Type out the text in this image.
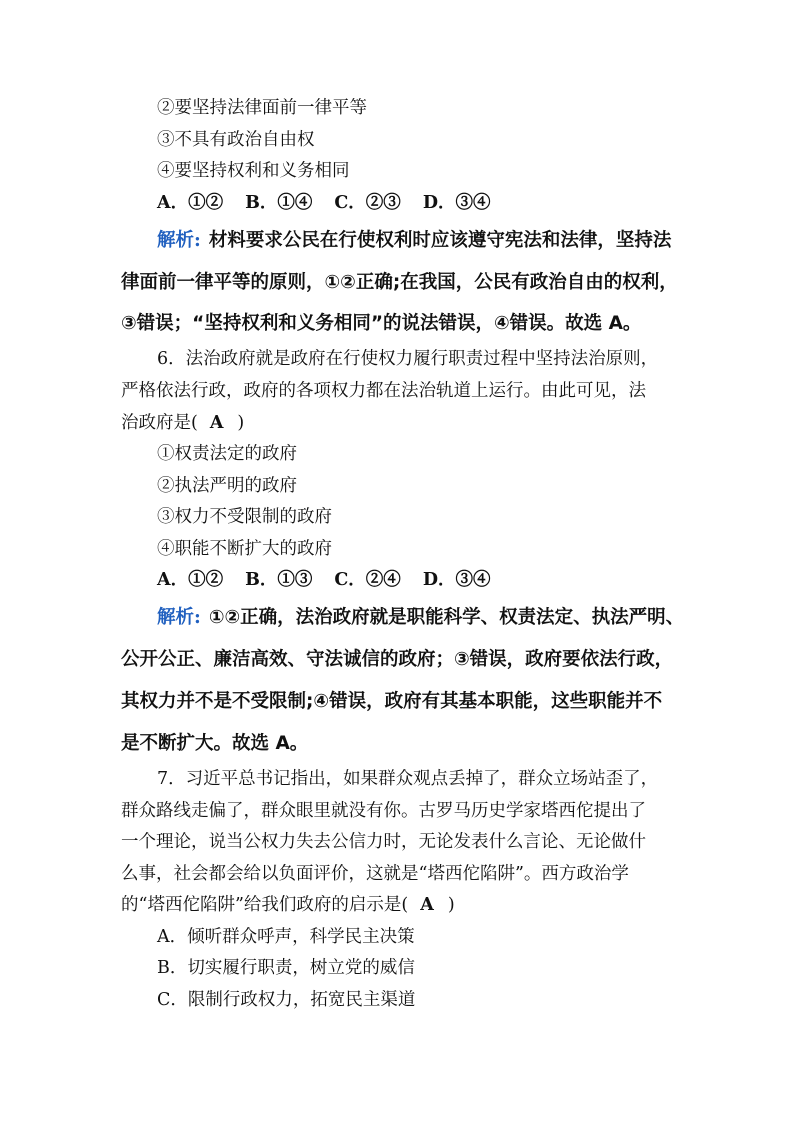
②要坚持法律面前一律平等
③不具有政治自由权
④要坚持权利和义务相同
A．①② B．①④ C．②③ D．③④
解析: 材料要求公民在行使权利时应该遵守宪法和法律，坚持法
律面前一律平等的原则，①②正确;在我国，公民有政治自由的权利，
③错误；“坚持权利和义务相同”的说法错误，④错误。故选 A。
6．法治政府就是政府在行使权力履行职责过程中坚持法治原则，
严格依法行政，政府的各项权力都在法治轨道上运行。由此可见，法
治政府是( A )
①权责法定的政府
②执法严明的政府
③权力不受限制的政府
④职能不断扩大的政府
A．①② B．①③ C．②④ D．③④
解析: ①②正确，法治政府就是职能科学、权责法定、执法严明、
公开公正、廉洁高效、守法诚信的政府；③错误，政府要依法行政，
其权力并不是不受限制;④错误，政府有其基本职能，这些职能并不
是不断扩大。故选 A。
7．习近平总书记指出，如果群众观点丢掉了，群众立场站歪了，
群众路线走偏了，群众眼里就没有你。古罗马历史学家塔西佗提出了
一个理论，说当公权力失去公信力时，无论发表什么言论、无论做什
么事，社会都会给以负面评价，这就是“塔西佗陷阱”。西方政治学
的“塔西佗陷阱”给我们政府的启示是( A )
A．倾听群众呼声，科学民主决策
B．切实履行职责，树立党的威信
C．限制行政权力，拓宽民主渠道
